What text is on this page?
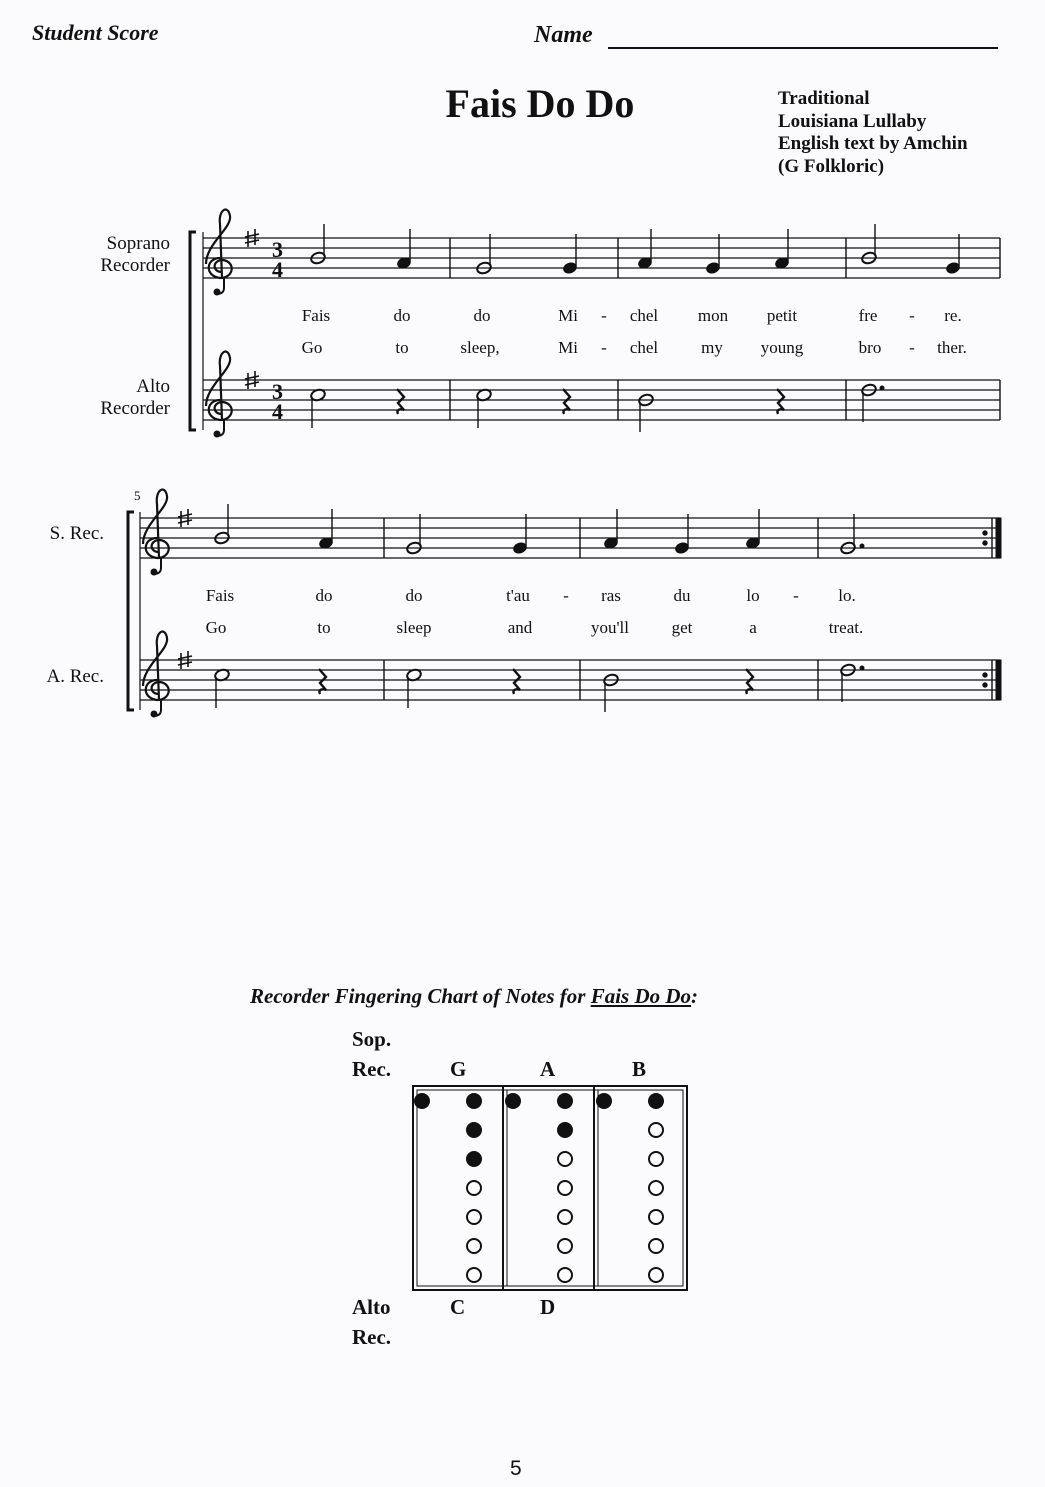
Student Score	Name
Fais Do Do	Traditional
Louisiana Lullaby
English text by Amchin
(G Folkloric)
Soprano
Recorder
Alto
Recorder
S. Rec.
A. Rec.
5
Fais	do	do	Mi - chel mon petit	fre - re.
Go	to	sleep,	Mi - chel	my young	bro - ther.
Fais	do	do	t'au - ras	du	lo - lo.
Go	to	sleep	and	you'll	get	a	treat.
3
4
3
4
Recorder Fingering Chart of Notes for Fais Do Do:
Sop.
Rec.	G	A	B
Alto
Rec.
C	D
5
